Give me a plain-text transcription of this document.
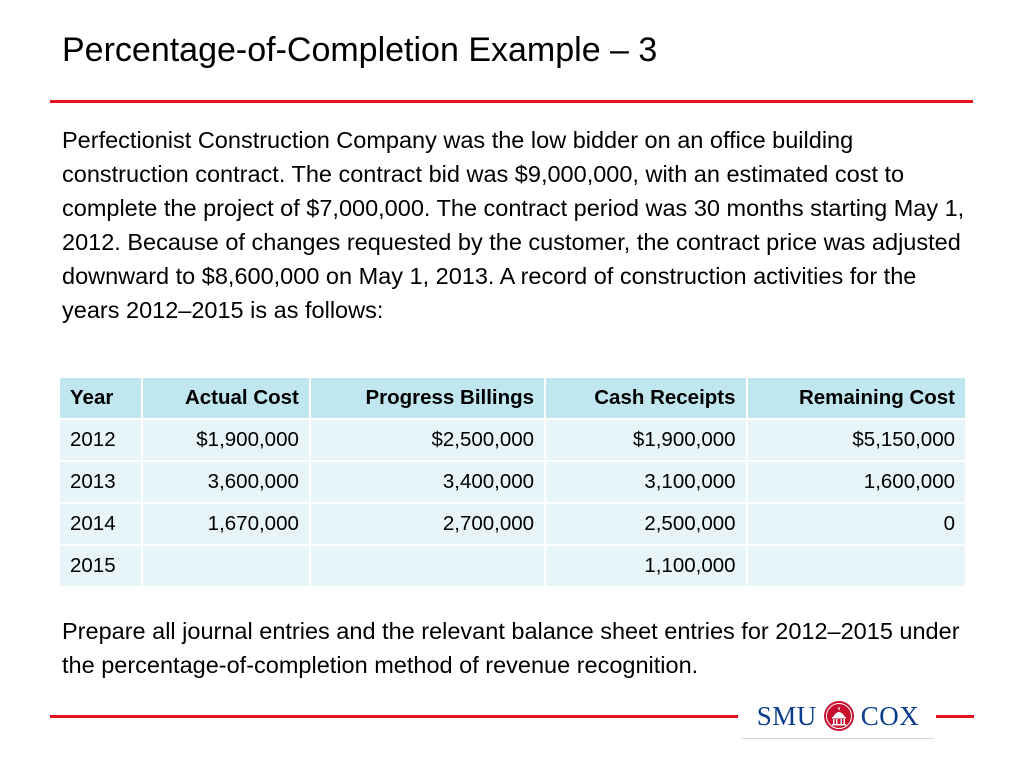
Percentage-of-Completion Example – 3

Perfectionist Construction Company was the low bidder on an office building construction contract. The contract bid was $9,000,000, with an estimated cost to complete the project of $7,000,000. The contract period was 30 months starting May 1, 2012. Because of changes requested by the customer, the contract price was adjusted downward to $8,600,000 on May 1, 2013. A record of construction activities for the years 2012–2015 is as follows:

Year	Actual Cost	Progress Billings	Cash Receipts	Remaining Cost
2012	$1,900,000	$2,500,000	$1,900,000	$5,150,000
2013	3,600,000	3,400,000	3,100,000	1,600,000
2014	1,670,000	2,700,000	2,500,000	0
2015			1,100,000	

Prepare all journal entries and the relevant balance sheet entries for 2012–2015 under the percentage-of-completion method of revenue recognition.

SMU COX
